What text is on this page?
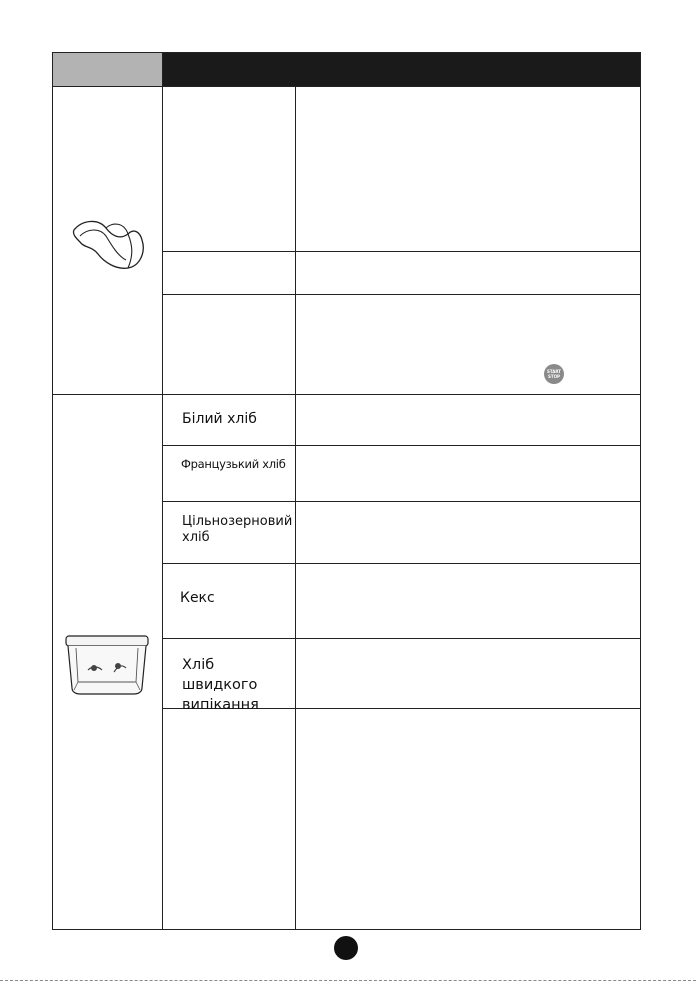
START
STOP
Білий хліб
Французький хліб
Цільнозерновий
хліб
Кекс
Хліб швидкого
випікання
